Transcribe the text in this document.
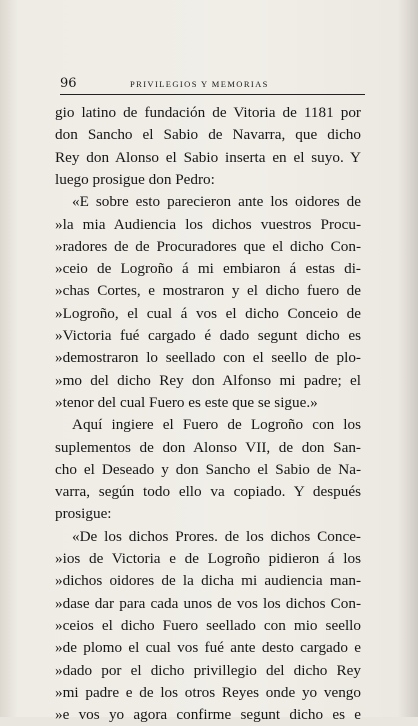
96	PRIVILEGIOS Y MEMORIAS
gio latino de fundación de Vitoria de 1181 por
don Sancho el Sabio de Navarra, que dicho
Rey don Alonso el Sabio inserta en el suyo. Y
luego prosigue don Pedro:
«E sobre esto parecieron ante los oidores de
»la mia Audiencia los dichos vuestros Procu-
»radores de de Procuradores que el dicho Con-
»ceio de Logroño á mi embiaron á estas di-
»chas Cortes, e mostraron y el dicho fuero de
»Logroño, el cual á vos el dicho Conceio de
»Victoria fué cargado é dado segunt dicho es
»demostraron lo seellado con el seello de plo-
»mo del dicho Rey don Alfonso mi padre; el
»tenor del cual Fuero es este que se sigue.»
Aquí ingiere el Fuero de Logroño con los
suplementos de don Alonso VII, de don San-
cho el Deseado y don Sancho el Sabio de Na-
varra, según todo ello va copiado. Y después
prosigue:
«De los dichos Prores. de los dichos Conce-
»ios de Victoria e de Logroño pidieron á los
»dichos oidores de la dicha mi audiencia man-
»dase dar para cada unos de vos los dichos Con-
»ceios el dicho Fuero seellado con mio seello
»de plomo el cual vos fué ante desto cargado e
»dado por el dicho privillegio del dicho Rey
»mi padre e de los otros Reyes onde yo vengo
»e vos yo agora confirme segunt dicho es e
